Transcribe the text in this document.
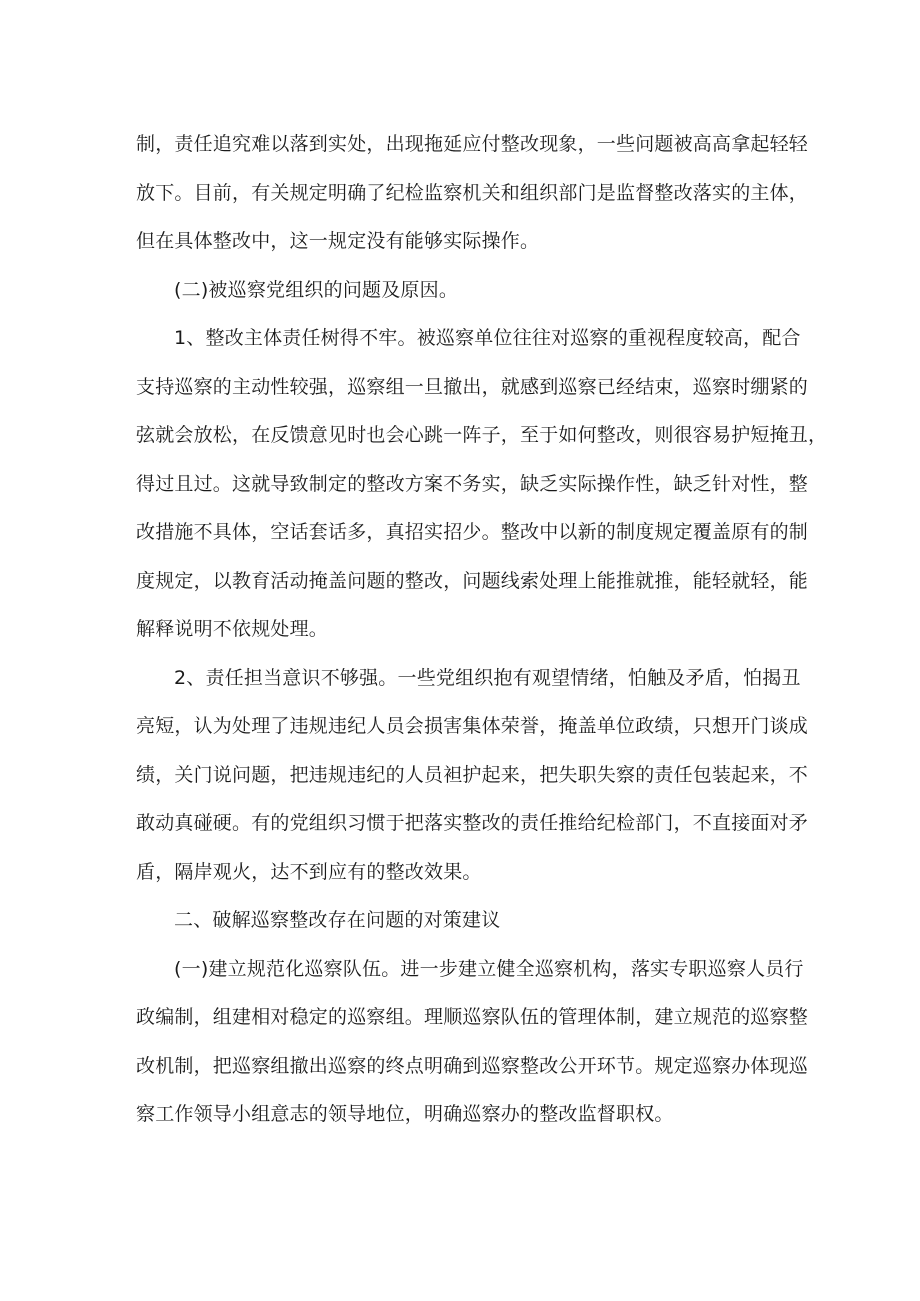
制，责任追究难以落到实处，出现拖延应付整改现象，一些问题被高高拿起轻轻
放下。目前，有关规定明确了纪检监察机关和组织部门是监督整改落实的主体，
但在具体整改中，这一规定没有能够实际操作。
(二)被巡察党组织的问题及原因。
1、整改主体责任树得不牢。被巡察单位往往对巡察的重视程度较高，配合
支持巡察的主动性较强，巡察组一旦撤出，就感到巡察已经结束，巡察时绷紧的
弦就会放松，在反馈意见时也会心跳一阵子，至于如何整改，则很容易护短掩丑，
得过且过。这就导致制定的整改方案不务实，缺乏实际操作性，缺乏针对性，整
改措施不具体，空话套话多，真招实招少。整改中以新的制度规定覆盖原有的制
度规定，以教育活动掩盖问题的整改，问题线索处理上能推就推，能轻就轻，能
解释说明不依规处理。
2、责任担当意识不够强。一些党组织抱有观望情绪，怕触及矛盾，怕揭丑
亮短，认为处理了违规违纪人员会损害集体荣誉，掩盖单位政绩，只想开门谈成
绩，关门说问题，把违规违纪的人员袒护起来，把失职失察的责任包装起来，不
敢动真碰硬。有的党组织习惯于把落实整改的责任推给纪检部门，不直接面对矛
盾，隔岸观火，达不到应有的整改效果。
二、破解巡察整改存在问题的对策建议
(一)建立规范化巡察队伍。进一步建立健全巡察机构，落实专职巡察人员行
政编制，组建相对稳定的巡察组。理顺巡察队伍的管理体制，建立规范的巡察整
改机制，把巡察组撤出巡察的终点明确到巡察整改公开环节。规定巡察办体现巡
察工作领导小组意志的领导地位，明确巡察办的整改监督职权。
